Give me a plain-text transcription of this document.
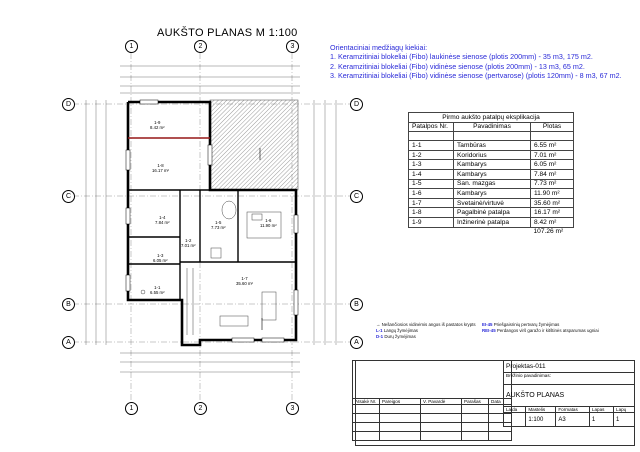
AUKŠTO PLANAS M 1:100
Orientaciniai medžiagų kiekiai:
1. Keramzitiniai blokeliai (Fibo) laukinėse sienose (plotis 200mm) - 35 m3, 175 m2.
2. Keramzitiniai blokeliai (Fibo) vidinėse sienose (plotis 200mm) - 13 m3, 65 m2.
3. Keramzitiniai blokeliai (Fibo) vidinėse sienose (pertvarose) (plotis 120mm) - 8 m3, 67 m2.
1	2	3
1	2	3
D
C
B
A
D
C
B
A
1-9
8.42 m²
1-8
16.17 m²
1-4
7.84 m²	1-5
7.73 m²
1-6
11.90 m²
1-2
7.01 m²
1-3
6.05 m²
1-1
6.55 m²
1-7
35.60 m²
Pirmo aukšto patalpų eksplikacija		
Patalpos Nr.	Pavadinimas	Plotas

1-1	Tambūras	6.55 m²
1-2	Koridorius	7.01 m²
1-3	Kambarys	6.05 m²
1-4	Kambarys	7.84 m²
1-5	San. mazgas	7.73 m²
1-6	Kambarys	11.90 m²
1-7	Svetainė/virtuvė	35.60 m²
1-8	Pagalbinė patalpa	16.17 m²
1-9	Inžinerinė patalpa	8.42 m²
		107.26 m²
→ Nešančiosios vidinėmis angos iš pastatos krypts
L-1 Langų žymėjimas
D-1 Durų žymėjimas
EI-45 Priešgaisrinių pertvarų žymėjimas
REI-45 Perdangos virš garažo ir kitštinės atsparumas ugniai

Atsakė Nr.	Pareigos	V. Pavardė	Parašas	Data

Projektas-011				
Brėžinio pavadinimas:				
AUKŠTO PLANAS				
Laida	Mastelis	Formatas	Lapas	Lapų
	1:100	A3	1	1
